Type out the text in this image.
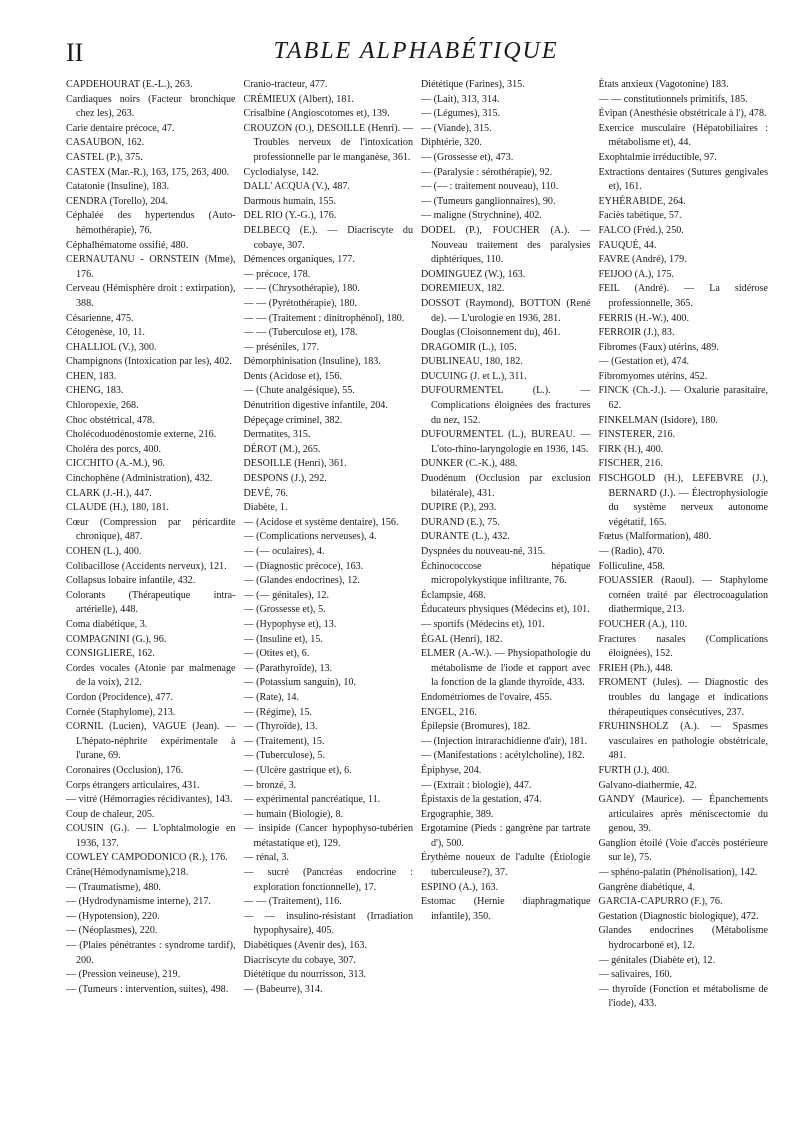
II	TABLE ALPHABÉTIQUE

CAPDEHOURAT (E.-L.), 263.

Cardiaques noirs (Facteur bronchique chez les), 263.

Carie dentaire précoce, 47.

CASAUBON, 162.

CASTEL (P.), 375.

CASTEX (Mar.-R.), 163, 175, 263, 400.

Catatonie (Insuline), 183.

CENDRA (Torello), 204.

Céphalée des hypertendus (Auto-hémothérapie), 76.

Céphalhématome ossifié, 480.

CERNAUTANU - ORNSTEIN (Mme), 176.

Cerveau (Hémisphère droit : extirpation), 388.

Césarienne, 475.

Cétogenèse, 10, 11.

CHALLIOL (V.), 300.

Champignons (Intoxication par les), 402.

CHEN, 183.

CHENG, 183.

Chloropexie, 268.

Choc obstétrical, 478.

Cholécoduodénostomie externe, 216.

Choléra des porcs, 400.

CICCHITO (A.-M.), 96.

Cinchophène (Administration), 432.

CLARK (J.-H.), 447.

CLAUDE (H.), 180, 181.

Cœur (Compression par péricardite chronique), 487.

COHEN (L.), 400.

Colibacillose (Accidents nerveux), 121.

Collapsus lobaire infantile, 432.

Colorants (Thérapeutique intra-artérielle), 448.

Coma diabétique, 3.

COMPAGNINI (G.), 96.

CONSIGLIERE, 162.

Cordes vocales (Atonie par malmenage de la voix), 212.

Cordon (Procidence), 477.

Cornée (Staphylome), 213.

CORNIL (Lucien), VAGUE (Jean). — L'hépato-néphrite expérimentale à l'urane, 69.

Coronaires (Occlusion), 176.

Corps étrangers articulaires, 431.

— vitré (Hémorragies récidivantes), 143.

Coup de chaleur, 205.

COUSIN (G.). — L'ophtalmologie en 1936, 137.

COWLEY CAMPODONICO (R.), 176.

Crâne(Hémodynamisme),218.

— (Traumatisme), 480.

— (Hydrodynamisme interne), 217.

— (Hypotension), 220.

— (Néoplasmes), 220.

— (Plaies pénétrantes : syndrome tardif), 200.

— (Pression veineuse), 219.

— (Tumeurs : intervention, suites), 498.

Cranio-tracteur, 477.

CRÉMIEUX (Albert), 181.

Crisalbine (Angioscotomes et), 139.

CROUZON (O.), DESOILLE (Henri). — Troubles nerveux de l'intoxication professionnelle par le manganèse, 361.

Cyclodialyse, 142.

DALL' ACQUA (V.), 487.

Darmous humain, 155.

DEL RIO (Y.-G.), 176.

DELBECQ (E.). — Diacriscyte du cobaye, 307.

Démences organiques, 177.

— précoce, 178.

— — (Chrysothérapie), 180.

— — (Pyrétothérapie), 180.

— — (Traitement : dinitrophénol), 180.

— — (Tuberculose et), 178.

— préséniles, 177.

Démorphinisation (Insuline), 183.

Dents (Acidose et), 156.

— (Chute analgésique), 55.

Dénutrition digestive infantile, 204.

Dépeçage criminel, 382.

Dermatites, 315.

DÉROT (M.), 265.

DESOILLE (Henri), 361.

DESPONS (J.), 292.

DEVÉ, 76.

Diabète, 1.

— (Acidose et système dentaire), 156.

— (Complications nerveuses), 4.

— (— oculaires), 4.

— (Diagnostic précoce), 163.

— (Glandes endocrines), 12.

— (— génitales), 12.

— (Grossesse et), 5.

— (Hypophyse et), 13.

— (Insuline et), 15.

— (Otites et), 6.

— (Parathyroïde), 13.

— (Potassium sanguin), 10.

— (Rate), 14.

— (Régime), 15.

— (Thyroïde), 13.

— (Traitement), 15.

— (Tuberculose), 5.

— (Ulcère gastrique et), 6.

— bronzé, 3.

— expérimental pancréatique, 11.

— humain (Biologie), 8.

— insipide (Cancer hypophyso-tubérien métastatique et), 129.

— rénal, 3.

— sucré (Pancréas endocrine : exploration fonctionnelle), 17.

— — (Traitement), 116.

— — insulino-résistant (Irradiation hypophysaire), 405.

Diabétiques (Avenir des), 163.

Diacriscyte du cobaye, 307.

Diététique du nourrisson, 313.

— (Babeurre), 314.

Diététique (Farines), 315.

— (Lait), 313, 314.

— (Légumes), 315.

— (Viande), 315.

Diphtérie, 320.

— (Grossesse et), 473.

— (Paralysie : sérothérapie), 92.

— (— : traitement nouveau), 110.

— (Tumeurs ganglionnaires), 90.

— maligne (Strychnine), 402.

DODEL (P.), FOUCHER (A.). — Nouveau traitement des paralysies diphtériques, 110.

DOMINGUEZ (W.), 163.

DOREMIEUX, 182.

DOSSOT (Raymond), BOTTON (René de). — L'urologie en 1936, 281.

Douglas (Cloisonnement du), 461.

DRAGOMIR (L.), 105.

DUBLINEAU, 180, 182.

DUCUING (J. et L.), 311.

DUFOURMENTEL (L.). — Complications éloignées des fractures du nez, 152.

DUFOURMENTEL (L.), BUREAU. — L'oto-rhino-laryngologie en 1936, 145.

DUNKER (C.-K.), 488.

Duodénum (Occlusion par exclusion bilatérale), 431.

DUPIRE (P.), 293.

DURAND (E.), 75.

DURANTE (L.), 432.

Dyspnées du nouveau-né, 315.

Échinococcose hépatique micropolykystique infiltrante, 76.

Éclampsie, 468.

Éducateurs physiques (Médecins et), 101.

— sportifs (Médecins et), 101.

ÉGAL (Henri), 182.

ELMER (A.-W.). — Physiopathologie du métabolisme de l'iode et rapport avec la fonction de la glande thyroïde, 433.

Endométriomes de l'ovaire, 455.

ENGEL, 216.

Épilepsie (Bromures), 182.

— (Injection intrarachidienne d'air), 181.

— (Manifestations : acétylcholine), 182.

Épiphyse, 204.

— (Extrait : biologie), 447.

Épistaxis de la gestation, 474.

Ergographie, 389.

Ergotamine (Pieds : gangrène par tartrate d'), 500.

Érythème noueux de l'adulte (Étiologie tuberculeuse?), 37.

ESPINO (A.), 163.

Estomac (Hernie diaphragmatique infantile), 350.

États anxieux (Vagotonine) 183.

— — constitutionnels primitifs, 185.

Évipan (Anesthésie obstétricale à l'), 478.

Exercice musculaire (Hépatobiliaires : métabolisme et), 44.

Exophtalmie irréductible, 97.

Extractions dentaires (Sutures gengivales et), 161.

EYHÉRABIDE, 264.

Faciès tabétique, 57.

FALCO (Fréd.), 250.

FAUQUÉ, 44.

FAVRE (André), 179.

FEIJOO (A.), 175.

FEIL (André). — La sidérose professionnelle, 365.

FERRIS (H.-W.), 400.

FERROIR (J.), 83.

Fibromes (Faux) utérins, 489.

— (Gestation et), 474.

Fibromyomes utérins, 452.

FINCK (Ch.-J.). — Oxalurie parasitaire, 62.

FINKELMAN (Isidore), 180.

FINSTERER, 216.

FIRK (H.), 400.

FISCHER, 216.

FISCHGOLD (H.), LEFEBVRE (J.), BERNARD (J.). — Électrophysiologie du système nerveux autonome végétatif, 165.

Fœtus (Malformation), 480.

— (Radio), 470.

Folliculine, 458.

FOUASSIER (Raoul). — Staphylome cornéen traité par électrocoagulation diathermique, 213.

FOUCHER (A.), 110.

Fractures nasales (Complications éloignées), 152.

FRIEH (Ph.), 448.

FROMENT (Jules). — Diagnostic des troubles du langage et indications thérapeutiques consécutives, 237.

FRUHINSHOLZ (A.). — Spasmes vasculaires en pathologie obstétricale, 481.

FURTH (J.), 400.

Galvano-diathermie, 42.

GANDY (Maurice). — Épanchements articulaires après méniscectomie du genou, 39.

Ganglion étoilé (Voie d'accès postérieure sur le), 75.

— sphéno-palatin (Phénolisation), 142.

Gangrène diabétique, 4.

GARCIA-CAPURRO (F.), 76.

Gestation (Diagnostic biologique), 472.

Glandes endocrines (Métabolisme hydrocarboné et), 12.

— génitales (Diabète et), 12.

— salivaires, 160.

— thyroïde (Fonction et métabolisme de l'iode), 433.
